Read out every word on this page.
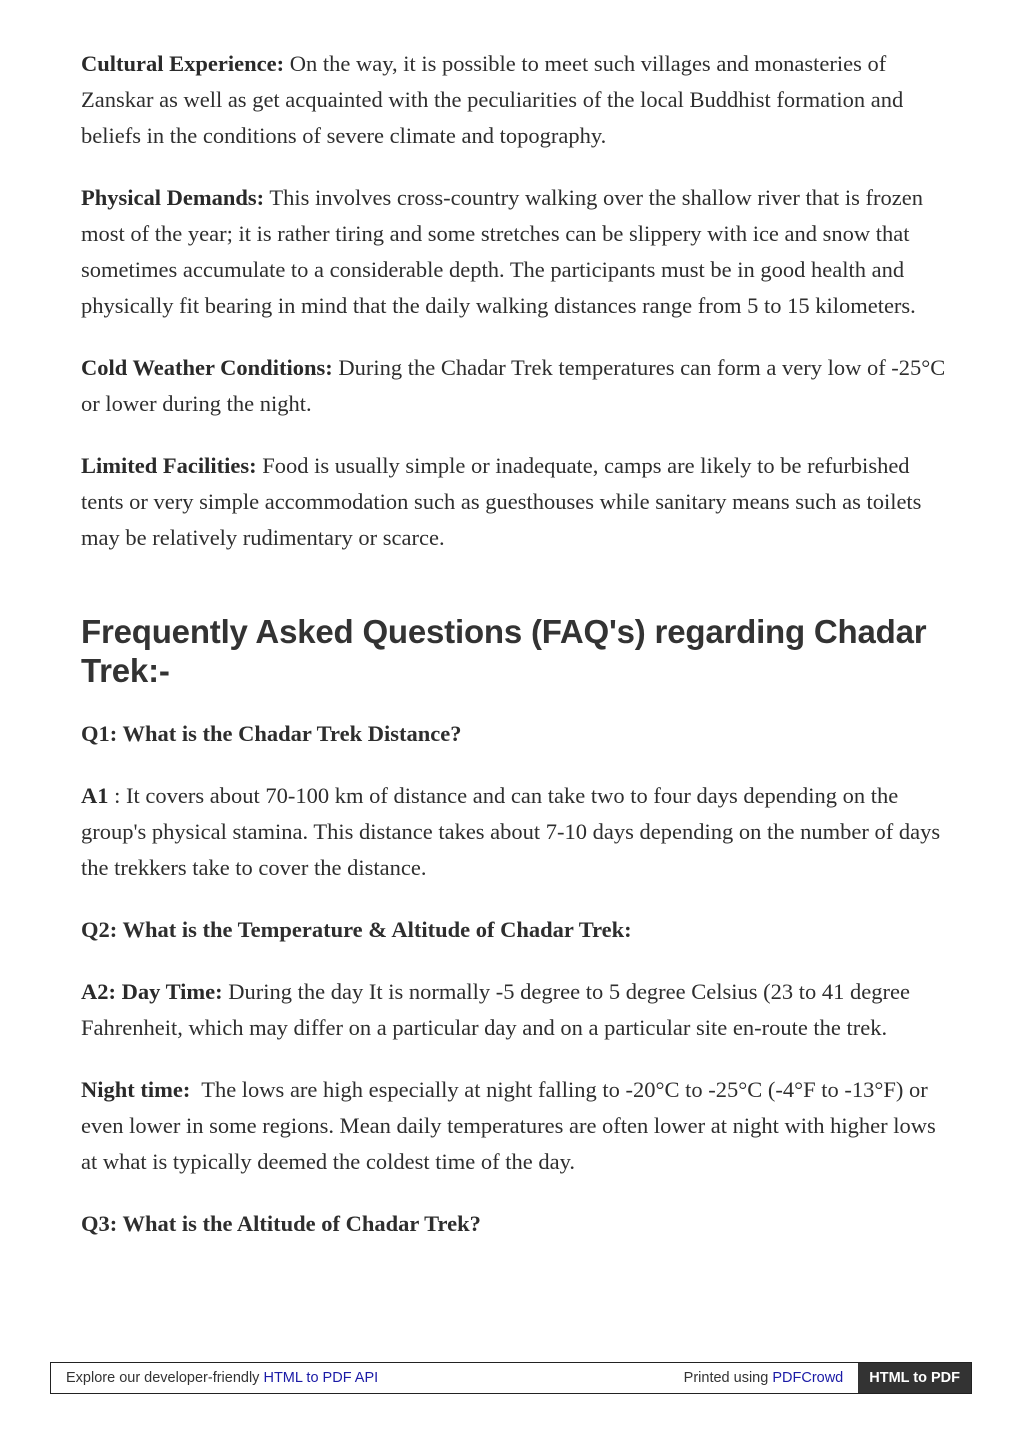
Cultural Experience: On the way, it is possible to meet such villages and monasteries of Zanskar as well as get acquainted with the peculiarities of the local Buddhist formation and beliefs in the conditions of severe climate and topography.

Physical Demands: This involves cross-country walking over the shallow river that is frozen most of the year; it is rather tiring and some stretches can be slippery with ice and snow that sometimes accumulate to a considerable depth. The participants must be in good health and physically fit bearing in mind that the daily walking distances range from 5 to 15 kilometers.

Cold Weather Conditions: During the Chadar Trek temperatures can form a very low of -25°C or lower during the night.

Limited Facilities: Food is usually simple or inadequate, camps are likely to be refurbished tents or very simple accommodation such as guesthouses while sanitary means such as toilets may be relatively rudimentary or scarce.

Frequently Asked Questions (FAQ's) regarding Chadar Trek:-

Q1: What is the Chadar Trek Distance?

A1 : It covers about 70-100 km of distance and can take two to four days depending on the group's physical stamina. This distance takes about 7-10 days depending on the number of days the trekkers take to cover the distance.

Q2: What is the Temperature & Altitude of Chadar Trek:

A2: Day Time: During the day It is normally -5 degree to 5 degree Celsius (23 to 41 degree Fahrenheit, which may differ on a particular day and on a particular site en-route the trek.

Night time: The lows are high especially at night falling to -20°C to -25°C (-4°F to -13°F) or even lower in some regions. Mean daily temperatures are often lower at night with higher lows at what is typically deemed the coldest time of the day.

Q3: What is the Altitude of Chadar Trek?

Explore our developer-friendly HTML to PDF API	Printed using PDFCrowd	HTML to PDF
